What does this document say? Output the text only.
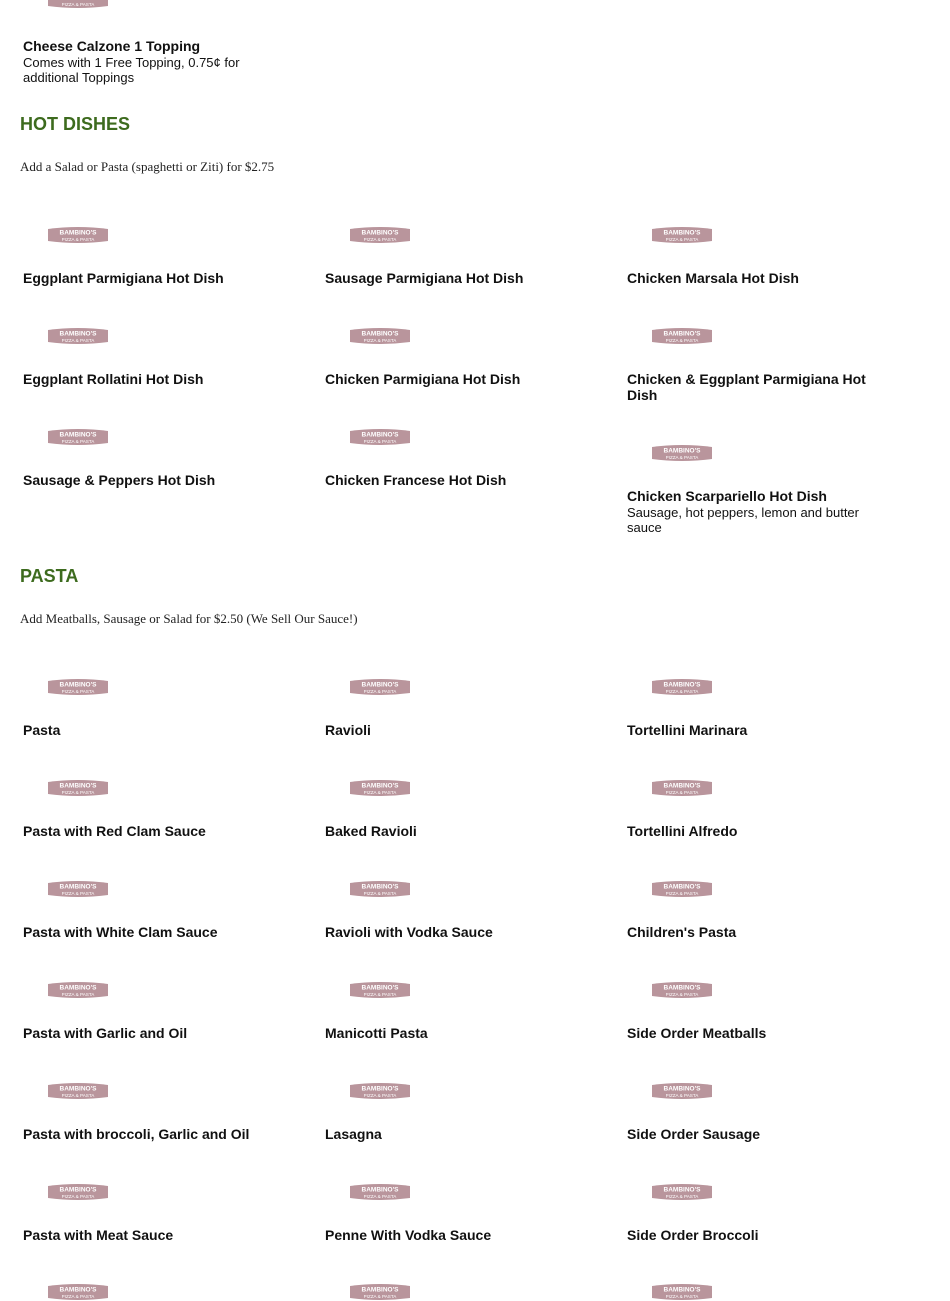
PIZZA & PASTA
Cheese Calzone 1 Topping
Comes with 1 Free Topping, 0.75¢ for additional Toppings
HOT DISHES
Add a Salad or Pasta (spaghetti or Ziti) for $2.75
BAMBINO'S
PIZZA & PASTA
Eggplant Parmigiana Hot Dish
BAMBINO'S
PIZZA & PASTA
Sausage Parmigiana Hot Dish
BAMBINO'S
PIZZA & PASTA
Chicken Marsala Hot Dish
BAMBINO'S
PIZZA & PASTA
Eggplant Rollatini Hot Dish
BAMBINO'S
PIZZA & PASTA
Chicken Parmigiana Hot Dish
BAMBINO'S
PIZZA & PASTA
Chicken & Eggplant Parmigiana Hot Dish
BAMBINO'S
PIZZA & PASTA
Sausage & Peppers Hot Dish
BAMBINO'S
PIZZA & PASTA
Chicken Francese Hot Dish
BAMBINO'S
PIZZA & PASTA
Chicken Scarpariello Hot Dish
Sausage, hot peppers, lemon and butter sauce
PASTA
Add Meatballs, Sausage or Salad for $2.50 (We Sell Our Sauce!)
BAMBINO'S
PIZZA & PASTA
Pasta
BAMBINO'S
PIZZA & PASTA
Ravioli
BAMBINO'S
PIZZA & PASTA
Tortellini Marinara
BAMBINO'S
PIZZA & PASTA
Pasta with Red Clam Sauce
BAMBINO'S
PIZZA & PASTA
Baked Ravioli
BAMBINO'S
PIZZA & PASTA
Tortellini Alfredo
BAMBINO'S
PIZZA & PASTA
Pasta with White Clam Sauce
BAMBINO'S
PIZZA & PASTA
Ravioli with Vodka Sauce
BAMBINO'S
PIZZA & PASTA
Children's Pasta
BAMBINO'S
PIZZA & PASTA
Pasta with Garlic and Oil
BAMBINO'S
PIZZA & PASTA
Manicotti Pasta
BAMBINO'S
PIZZA & PASTA
Side Order Meatballs
BAMBINO'S
PIZZA & PASTA
Pasta with broccoli, Garlic and Oil
BAMBINO'S
PIZZA & PASTA
Lasagna
BAMBINO'S
PIZZA & PASTA
Side Order Sausage
BAMBINO'S
PIZZA & PASTA
Pasta with Meat Sauce
BAMBINO'S
PIZZA & PASTA
Penne With Vodka Sauce
BAMBINO'S
PIZZA & PASTA
Side Order Broccoli
BAMBINO'S
PIZZA & PASTA
BAMBINO'S
PIZZA & PASTA
BAMBINO'S
PIZZA & PASTA
